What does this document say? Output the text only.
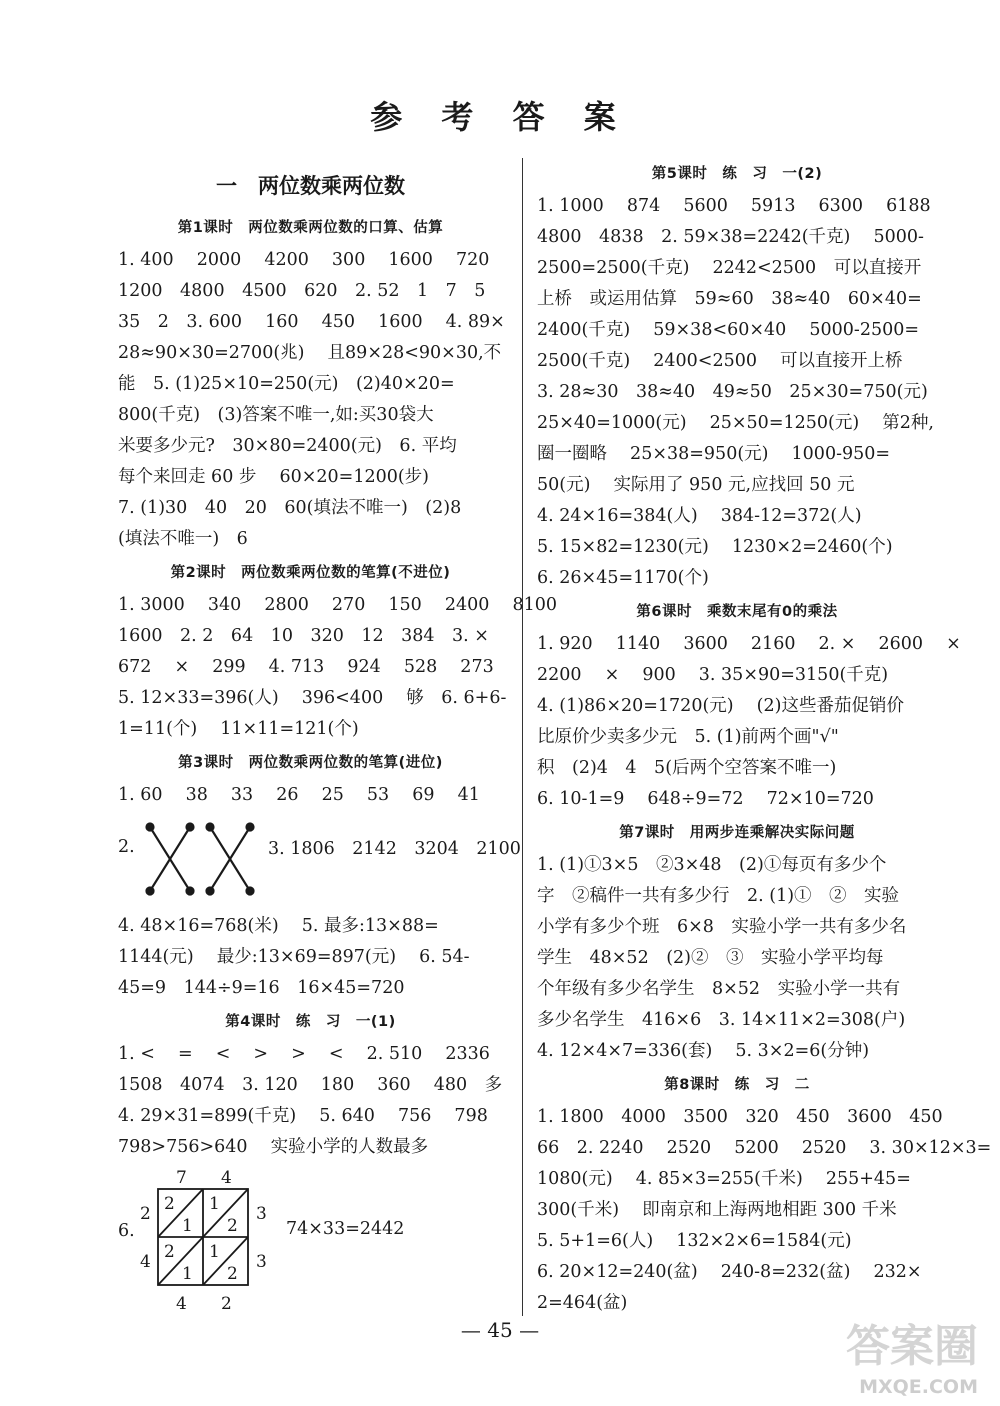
参 考 答 案
一　两位数乘两位数
第1课时　两位数乘两位数的口算、估算

1. 400　 2000　 4200　 300　 1600　 720

1200　4800　4500　620　2. 52　1　7　5

35　2　3. 600　 160　 450　 1600　 4. 89×

28≈90×30=2700(兆)　 且89×28<90×30,不

能　5. (1)25×10=250(元)　(2)40×20=

800(千克)　(3)答案不唯一,如:买30袋大

米要多少元?　30×80=2400(元)　6. 平均

每个来回走 60 步　 60×20=1200(步)

7. (1)30　40　20　60(填法不唯一)　(2)8

(填法不唯一)　6

第2课时　两位数乘两位数的笔算(不进位)

1. 3000　 340　 2800　 270　 150　 2400　 8100

1600　2. 2　64　10　320　12　384　3. ×

672　 ×　 299　 4. 713　 924　 528　 273

5. 12×33=396(人)　 396<400　 够　6. 6+6-

1=11(个)　 11×11=121(个)

第3课时　两位数乘两位数的笔算(进位)

1. 60　 38　 33　 26　 25　 53　 69　 41

2.	3. 1806　2142　3204　2100

4. 48×16=768(米)　 5. 最多:13×88=

1144(元)　 最少:13×69=897(元)　 6. 54-

45=9　144÷9=16　16×45=720

第4课时　练　习　一(1)

1. <　 =　 <　 >　 >　 <　 2. 510　 2336

1508　4074　3. 120　 180　 360　 480　多

4. 29×31=899(千克)　 5. 640　 756　 798

798>756>640　 实验小学的人数最多

6.
7 4
2
4
3
3
4 2
2
1
1
2
2
1
1
2
74×33=2442
第5课时　练　习　一(2)

1. 1000　 874　 5600　 5913　 6300　 6188

4800　4838　2. 59×38=2242(千克)　 5000-

2500=2500(千克)　 2242<2500　可以直接开

上桥　或运用估算　59≈60　38≈40　60×40=

2400(千克)　 59×38<60×40　 5000-2500=

2500(千克)　 2400<2500　 可以直接开上桥

3. 28≈30　38≈40　49≈50　25×30=750(元)

25×40=1000(元)　 25×50=1250(元)　 第2种,

圈一圈略　 25×38=950(元)　 1000-950=

50(元)　 实际用了 950 元,应找回 50 元

4. 24×16=384(人)　 384-12=372(人)

5. 15×82=1230(元)　 1230×2=2460(个)

6. 26×45=1170(个)

第6课时　乘数末尾有0的乘法

1. 920　 1140　 3600　 2160　 2. ×　 2600　 ×

2200　 ×　 900　 3. 35×90=3150(千克)

4. (1)86×20=1720(元)　 (2)这些番茄促销价

比原价少卖多少元　5. (1)前两个画"√"

积　(2)4　4　5(后两个空答案不唯一)

6. 10-1=9　 648÷9=72　 72×10=720

第7课时　用两步连乘解决实际问题

1. (1)①3×5　②3×48　(2)①每页有多少个

字　②稿件一共有多少行　2. (1)①　②　实验

小学有多少个班　6×8　实验小学一共有多少名

学生　48×52　(2)②　③　实验小学平均每

个年级有多少名学生　8×52　实验小学一共有

多少名学生　416×6　3. 14×11×2=308(户)

4. 12×4×7=336(套)　 5. 3×2=6(分钟)

第8课时　练　习　二

1. 1800　4000　3500　320　450　3600　450

66　2. 2240　 2520　 5200　 2520　 3. 30×12×3=

1080(元)　 4. 85×3=255(千米)　 255+45=

300(千米)　 即南京和上海两地相距 300 千米

5. 5+1=6(人)　 132×2×6=1584(元)

6. 20×12=240(盆)　 240-8=232(盆)　 232×

2=464(盆)

— 45 —	答案圈
MXQE.COM
